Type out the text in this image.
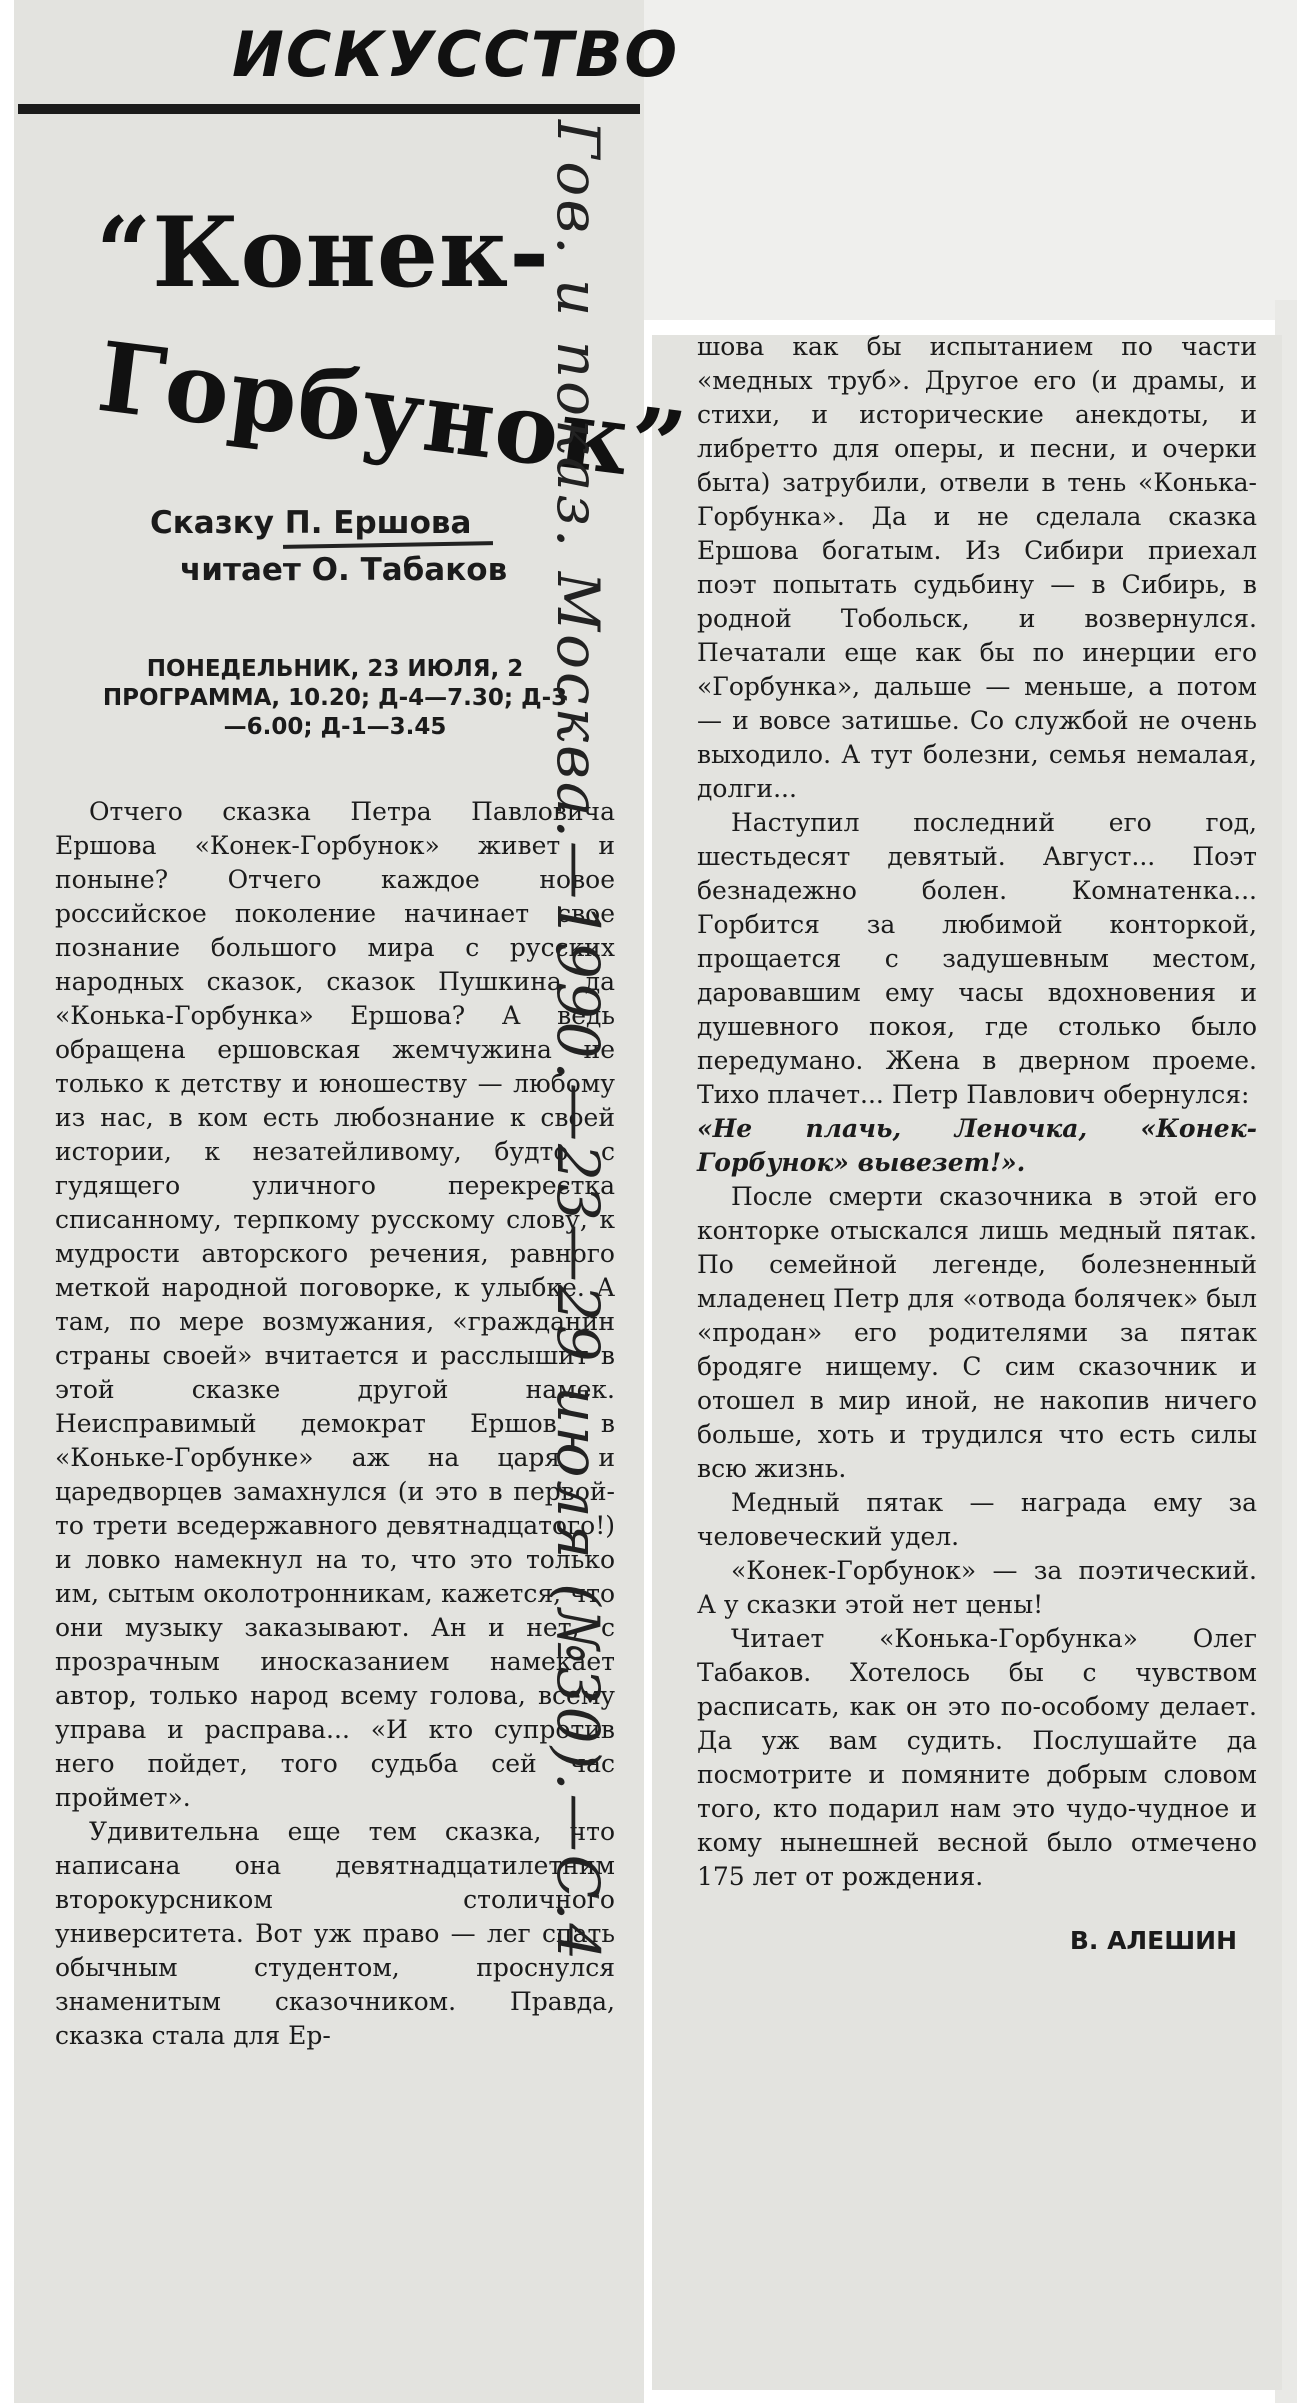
ИСКУССТВО
“Конек-
Горбунок”
Сказку П. Ершова
читает О. Табаков
ПОНЕДЕЛЬНИК, 23 ИЮЛЯ, 2 ПРОГРАММА, 10.20; Д-4—7.30; Д-3—6.00; Д-1—3.45

Отчего сказка Петра Павловича Ершова «Конек-Горбунок» живет и поныне? Отчего каждое новое российское поколение начинает свое познание большого мира с русских народных сказок, сказок Пушкина да «Конька-Горбунка» Ершова? А ведь обращена ершовская жемчужина не только к детству и юношеству — любому из нас, в ком есть любознание к своей истории, к незатейливому, будто с гудящего уличного перекрестка списанному, терпкому русскому слову, к мудрости авторского речения, равного меткой народной поговорке, к улыбке. А там, по мере возмужания, «гражданин страны своей» вчитается и расслышит в этой сказке другой намек. Неисправимый демократ Ершов в «Коньке-Горбунке» аж на царя и царедворцев замахнулся (и это в первой-то трети вседержавного девятнадцатого!) и ловко намекнул на то, что это только им, сытым околотронникам, кажется, что они музыку заказывают. Ан и нет, с прозрачным иносказанием намекает автор, только народ всему голова, всему управа и расправа... «И кто супротив него пойдет, того судьба сей час проймет».

Удивительна еще тем сказка, что написана она девятнадцатилетним второкурсником столичного университета. Вот уж право — лег спать обычным студентом, проснулся знаменитым сказочником. Правда, сказка стала для Ер-

шова как бы испытанием по части «медных труб». Другое его (и драмы, и стихи, и исторические анекдоты, и либретто для оперы, и песни, и очерки быта) затрубили, отвели в тень «Конька-Горбунка». Да и не сделала сказка Ершова богатым. Из Сибири приехал поэт попытать судьбину — в Сибирь, в родной Тобольск, и возвернулся. Печатали еще как бы по инерции его «Горбунка», дальше — меньше, а потом — и вовсе затишье. Со службой не очень выходило. А тут болезни, семья немалая, долги...

Наступил последний его год, шестьдесят девятый. Август... Поэт безнадежно болен. Комнатенка... Горбится за любимой конторкой, прощается с задушевным местом, даровавшим ему часы вдохновения и душевного покоя, где столько было передумано. Жена в дверном проеме. Тихо плачет... Петр Павлович обернулся:

«Не плачь, Леночка, «Конек-Горбунок» вывезет!».

После смерти сказочника в этой его конторке отыскался лишь медный пятак. По семейной легенде, болезненный младенец Петр для «отвода болячек» был «продан» его родителями за пятак бродяге нищему. С сим сказочник и отошел в мир иной, не накопив ничего больше, хоть и трудился что есть силы всю жизнь.

Медный пятак — награда ему за человеческий удел.

«Конек-Горбунок» — за поэтический. А у сказки этой нет цены!

Читает «Конька-Горбунка» Олег Табаков. Хотелось бы с чувством расписать, как он это по-особому делает. Да уж вам судить. Послушайте да посмотрите и помяните добрым словом того, кто подарил нам это чудо-чудное и кому нынешней весной было отмечено 175 лет от рождения.

В. АЛЕШИН

Гов. и показ. Москва.—1990.—23—29 июля (№30).—С.4
